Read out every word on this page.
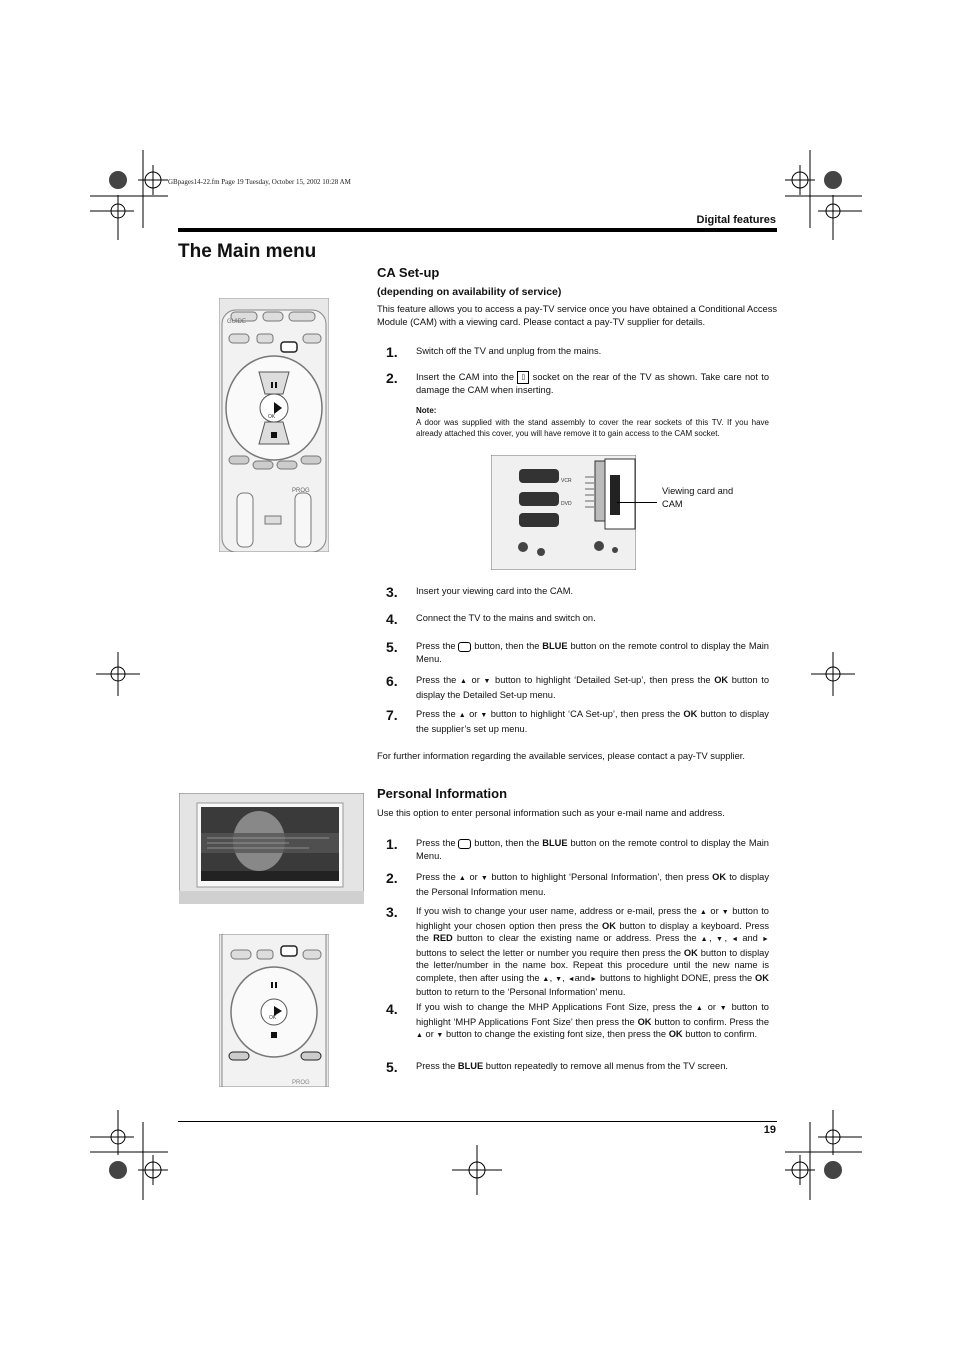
GBpages14-22.fm Page 19 Tuesday, October 15, 2002 10:28 AM
Digital features
The Main menu
GUIDE
PROG
OK
CA Set-up
(depending on availability of service)
This feature allows you to access a pay-TV service once you have obtained a Conditional Access Module (CAM) with a viewing card. Please contact a pay-TV supplier for details.
1.	Switch off the TV and unplug from the mains.
2.	Insert the CAM into the ▯ socket on the rear of the TV as shown. Take care not to damage the CAM when inserting.
Note:
A door was supplied with the stand assembly to cover the rear sockets of this TV. If you have already attached this cover, you will have remove it to gain access to the CAM socket.
VCR
DVD
Viewing card and CAM
3.	Insert your viewing card into the CAM.
4.	Connect the TV to the mains and switch on.
5.	Press the button, then the BLUE button on the remote control to display the Main Menu.
6.	Press the ▲ or ▼ button to highlight ‘Detailed Set-up’, then press the OK button to display the Detailed Set-up menu.
7.	Press the ▲ or ▼ button to highlight ‘CA Set-up’, then press the OK button to display the supplier’s set up menu.
For further information regarding the available services, please contact a pay-TV supplier.
Personal Information
Use this option to enter personal information such as your e-mail name and address.
1.	Press the button, then the BLUE button on the remote control to display the Main Menu.
2.	Press the ▲ or ▼ button to highlight ‘Personal Information’, then press OK to display the Personal Information menu.
3.	If you wish to change your user name, address or e-mail, press the ▲ or ▼ button to highlight your chosen option then press the OK button to display a keyboard. Press the RED button to clear the existing name or address. Press the ▲, ▼, ◄ and ► buttons to select the letter or number you require then press the OK button to display the letter/number in the name box. Repeat this procedure until the new name is complete, then after using the ▲, ▼, ◄and► buttons to highlight DONE, press the OK button to return to the ‘Personal Information’ menu.
4.	If you wish to change the MHP Applications Font Size, press the ▲ or ▼ button to highlight ‘MHP Applications Font Size’ then press the OK button to confirm. Press the ▲ or ▼ button to change the existing font size, then press the OK button to confirm.
5.	Press the BLUE button repeatedly to remove all menus from the TV screen.
OK
PROG
19
